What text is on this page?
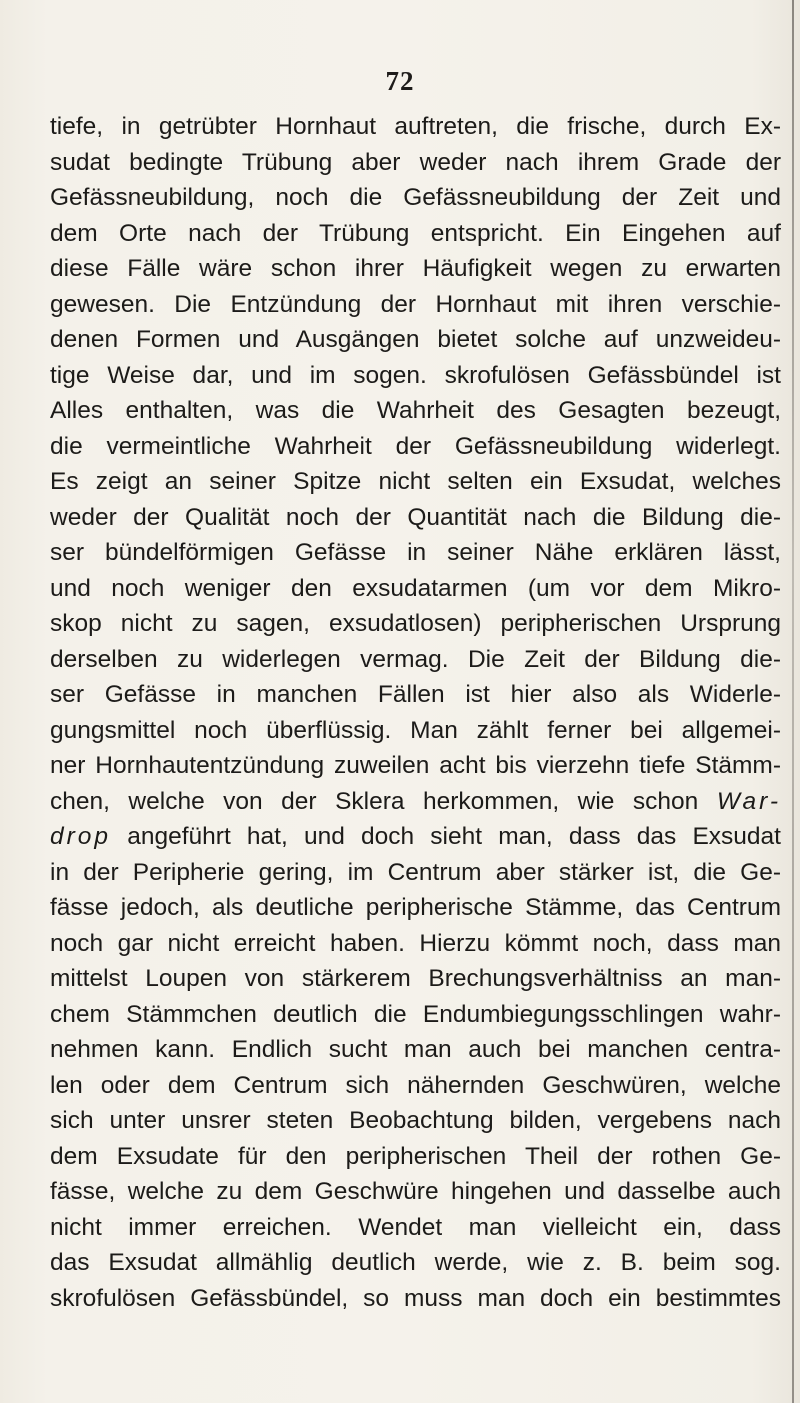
72
tiefe, in getrübter Hornhaut auftreten, die frische, durch Ex-
sudat bedingte Trübung aber weder nach ihrem Grade der
Gefässneubildung, noch die Gefässneubildung der Zeit und
dem Orte nach der Trübung entspricht. Ein Eingehen auf
diese Fälle wäre schon ihrer Häufigkeit wegen zu erwarten
gewesen. Die Entzündung der Hornhaut mit ihren verschie-
denen Formen und Ausgängen bietet solche auf unzweideu-
tige Weise dar, und im sogen. skrofulösen Gefässbündel ist
Alles enthalten, was die Wahrheit des Gesagten bezeugt,
die vermeintliche Wahrheit der Gefässneubildung widerlegt.
Es zeigt an seiner Spitze nicht selten ein Exsudat, welches
weder der Qualität noch der Quantität nach die Bildung die-
ser bündelförmigen Gefässe in seiner Nähe erklären lässt,
und noch weniger den exsudatarmen (um vor dem Mikro-
skop nicht zu sagen, exsudatlosen) peripherischen Ursprung
derselben zu widerlegen vermag. Die Zeit der Bildung die-
ser Gefässe in manchen Fällen ist hier also als Widerle-
gungsmittel noch überflüssig. Man zählt ferner bei allgemei-
ner Hornhautentzündung zuweilen acht bis vierzehn tiefe Stämm-
chen, welche von der Sklera herkommen, wie schon War-
drop angeführt hat, und doch sieht man, dass das Exsudat
in der Peripherie gering, im Centrum aber stärker ist, die Ge-
fässe jedoch, als deutliche peripherische Stämme, das Centrum
noch gar nicht erreicht haben. Hierzu kömmt noch, dass man
mittelst Loupen von stärkerem Brechungsverhältniss an man-
chem Stämmchen deutlich die Endumbiegungsschlingen wahr-
nehmen kann. Endlich sucht man auch bei manchen centra-
len oder dem Centrum sich nähernden Geschwüren, welche
sich unter unsrer steten Beobachtung bilden, vergebens nach
dem Exsudate für den peripherischen Theil der rothen Ge-
fässe, welche zu dem Geschwüre hingehen und dasselbe auch
nicht immer erreichen. Wendet man vielleicht ein, dass
das Exsudat allmählig deutlich werde, wie z. B. beim sog.
skrofulösen Gefässbündel, so muss man doch ein bestimmtes
